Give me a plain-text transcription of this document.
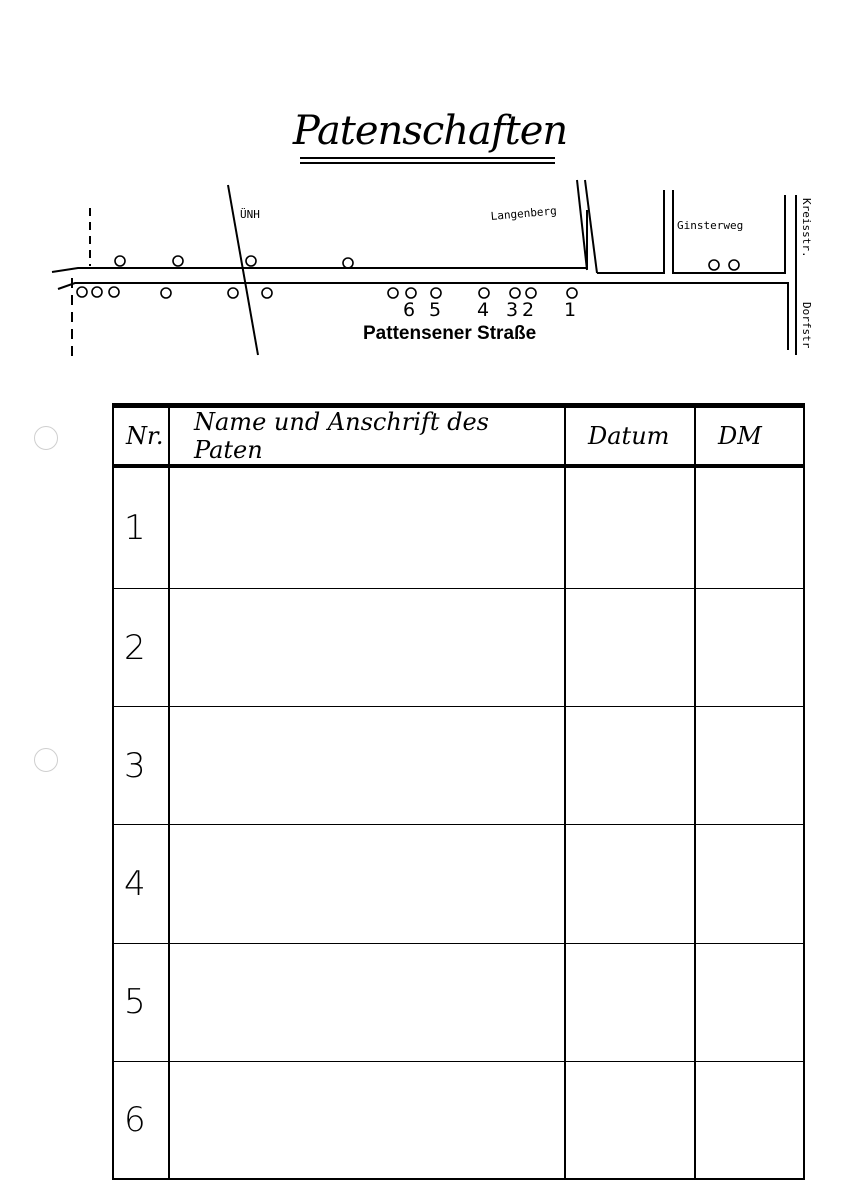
Patenschaften
ÜNH	Langenberg
Ginsterweg	Kreisstr.
Dorfstr
6 5 4 3 2 1
Pattensener Straße
Nr.	Name und Anschrift des Paten	Datum	DM
1			
2			
3			
4			
5			
6			
